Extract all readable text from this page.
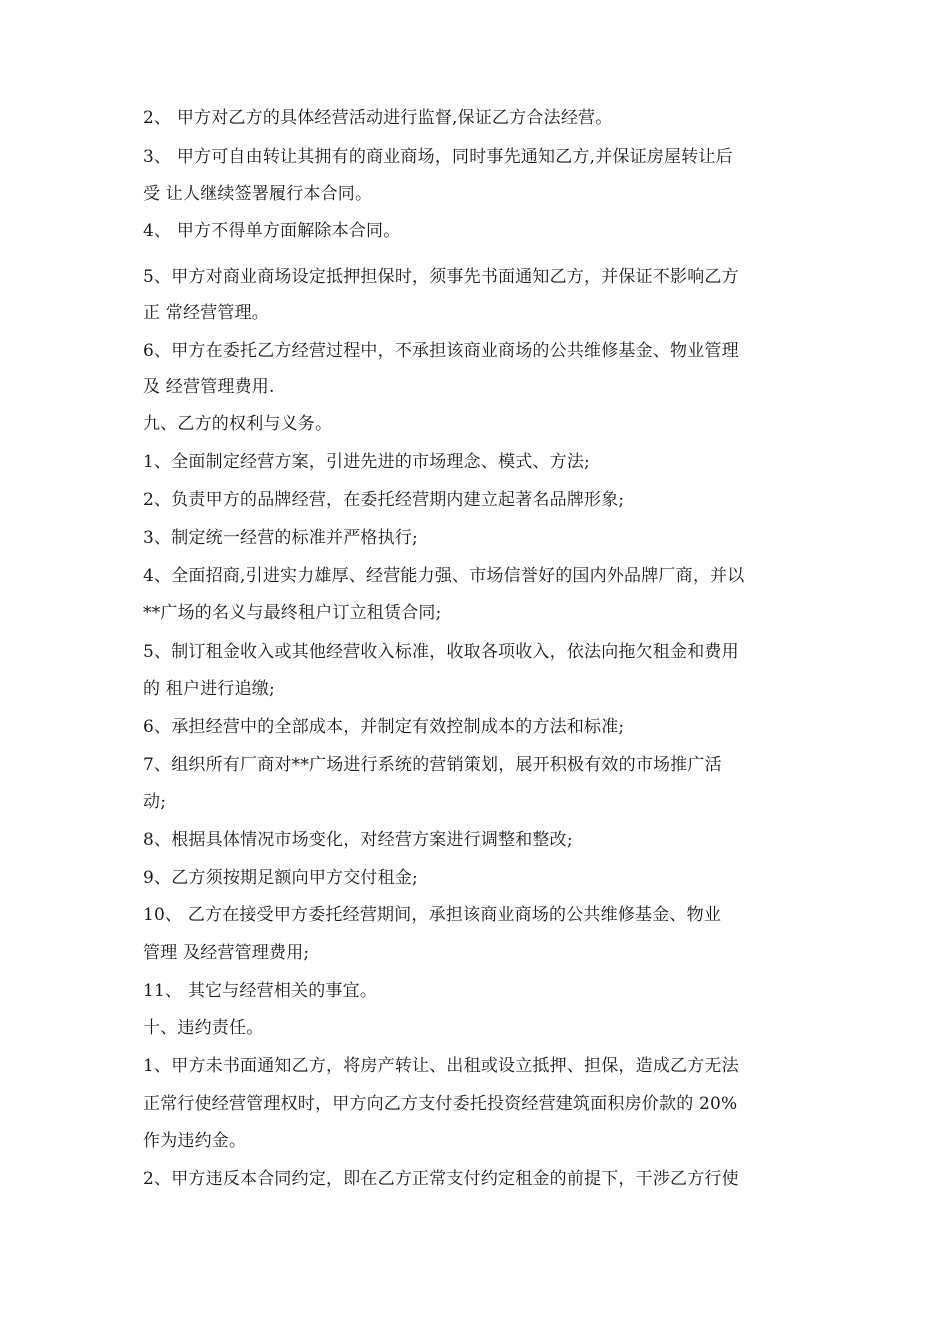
2、 甲方对乙方的具体经营活动进行监督,保证乙方合法经营。
3、 甲方可自由转让其拥有的商业商场，同时事先通知乙方,并保证房屋转让后
受 让人继续签署履行本合同。
4、 甲方不得单方面解除本合同。
5、甲方对商业商场设定抵押担保时，须事先书面通知乙方，并保证不影响乙方
正 常经营管理。
6、甲方在委托乙方经营过程中，不承担该商业商场的公共维修基金、物业管理
及 经营管理费用.
九、乙方的权利与义务。
1、全面制定经营方案，引进先进的市场理念、模式、方法;
2、负责甲方的品牌经营，在委托经营期内建立起著名品牌形象;
3、制定统一经营的标准并严格执行;
4、全面招商,引进实力雄厚、经营能力强、市场信誉好的国内外品牌厂商，并以
**广场的名义与最终租户订立租赁合同;
5、制订租金收入或其他经营收入标准，收取各项收入，依法向拖欠租金和费用
的 租户进行追缴;
6、承担经营中的全部成本，并制定有效控制成本的方法和标准;
7、组织所有厂商对**广场进行系统的营销策划，展开积极有效的市场推广活
动;
8、根据具体情况市场变化，对经营方案进行调整和整改;
9、乙方须按期足额向甲方交付租金;
10、 乙方在接受甲方委托经营期间，承担该商业商场的公共维修基金、物业
管理 及经营管理费用;
11、 其它与经营相关的事宜。
十、违约责任。
1、甲方未书面通知乙方，将房产转让、出租或设立抵押、担保，造成乙方无法
正常行使经营管理权时，甲方向乙方支付委托投资经营建筑面积房价款的 20%
作为违约金。
2、甲方违反本合同约定，即在乙方正常支付约定租金的前提下，干涉乙方行使
